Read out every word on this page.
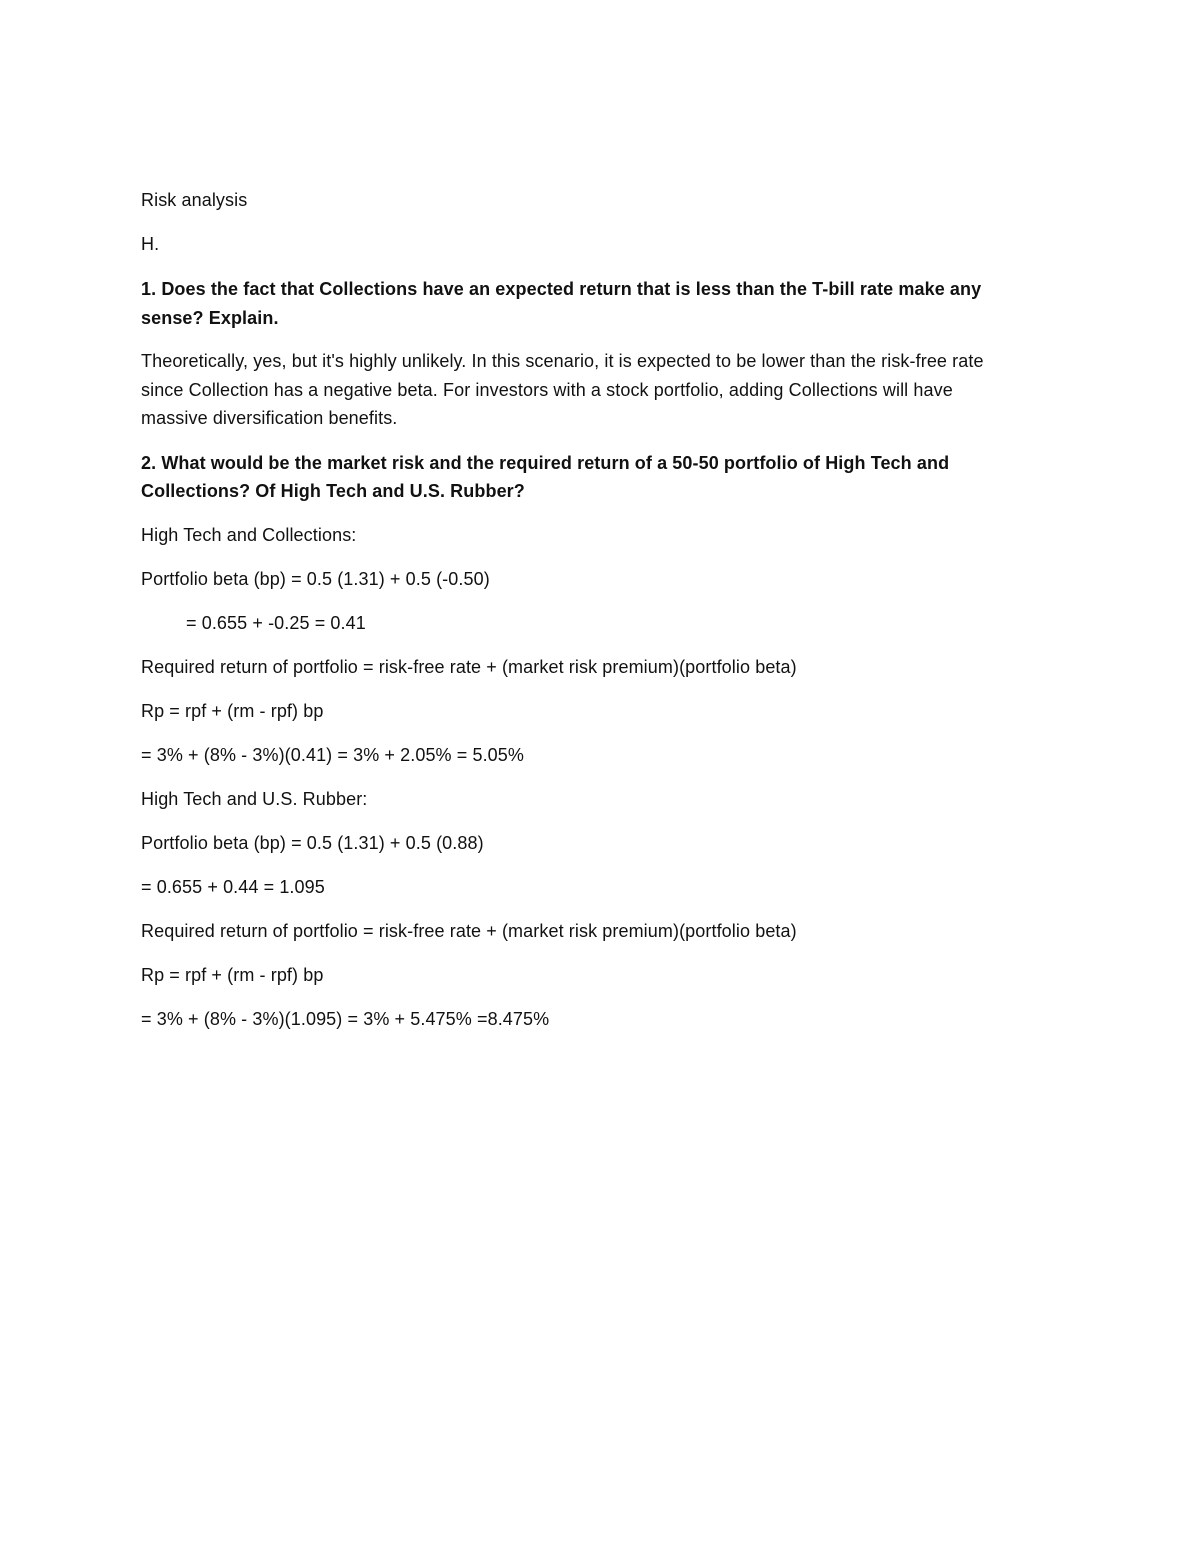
Risk analysis
H.
1. Does the fact that Collections have an expected return that is less than the T-bill rate make any
sense? Explain.
Theoretically, yes, but it's highly unlikely. In this scenario, it is expected to be lower than the risk-free rate
since Collection has a negative beta. For investors with a stock portfolio, adding Collections will have
massive diversification benefits.
2. What would be the market risk and the required return of a 50-50 portfolio of High Tech and
Collections? Of High Tech and U.S. Rubber?
High Tech and Collections:
Portfolio beta (bp) = 0.5 (1.31) + 0.5 (-0.50)
= 0.655 + -0.25 = 0.41
Required return of portfolio = risk-free rate + (market risk premium)(portfolio beta)
Rp = rpf + (rm - rpf) bp
= 3% + (8% - 3%)(0.41) = 3% + 2.05% = 5.05%
High Tech and U.S. Rubber:
Portfolio beta (bp) = 0.5 (1.31) + 0.5 (0.88)
= 0.655 + 0.44 = 1.095
Required return of portfolio = risk-free rate + (market risk premium)(portfolio beta)
Rp = rpf + (rm - rpf) bp
= 3% + (8% - 3%)(1.095) = 3% + 5.475% =8.475%
